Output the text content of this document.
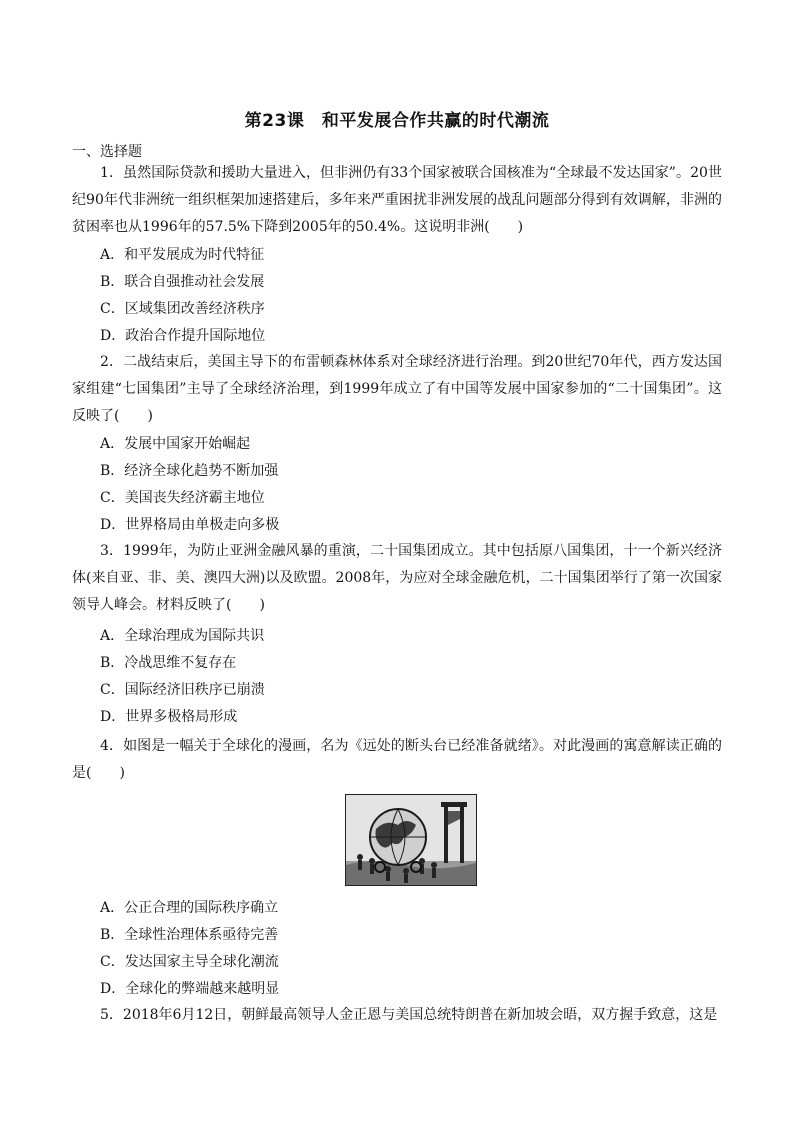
第23课　和平发展合作共赢的时代潮流
一、选择题

1．虽然国际贷款和援助大量进入，但非洲仍有33个国家被联合国核准为“全球最不发达国家”。20世纪90年代非洲统一组织框架加速搭建后，多年来严重困扰非洲发展的战乱问题部分得到有效调解，非洲的贫困率也从1996年的57.5%下降到2005年的50.4%。这说明非洲(　　)

A．和平发展成为时代特征
B．联合自强推动社会发展
C．区域集团改善经济秩序
D．政治合作提升国际地位

2．二战结束后，美国主导下的布雷顿森林体系对全球经济进行治理。到20世纪70年代，西方发达国家组建“七国集团”主导了全球经济治理，到1999年成立了有中国等发展中国家参加的“二十国集团”。这反映了(　　)

A．发展中国家开始崛起
B．经济全球化趋势不断加强
C．美国丧失经济霸主地位
D．世界格局由单极走向多极

3．1999年，为防止亚洲金融风暴的重演，二十国集团成立。其中包括原八国集团，十一个新兴经济体(来自亚、非、美、澳四大洲)以及欧盟。2008年，为应对全球金融危机，二十国集团举行了第一次国家领导人峰会。材料反映了(　　)

A．全球治理成为国际共识
B．冷战思维不复存在
C．国际经济旧秩序已崩溃
D．世界多极格局形成

4．如图是一幅关于全球化的漫画，名为《远处的断头台已经准备就绪》。对此漫画的寓意解读正确的是(　　)

A．公正合理的国际秩序确立
B．全球性治理体系亟待完善
C．发达国家主导全球化潮流
D．全球化的弊端越来越明显

5．2018年6月12日，朝鲜最高领导人金正恩与美国总统特朗普在新加坡会晤，双方握手致意，这是
